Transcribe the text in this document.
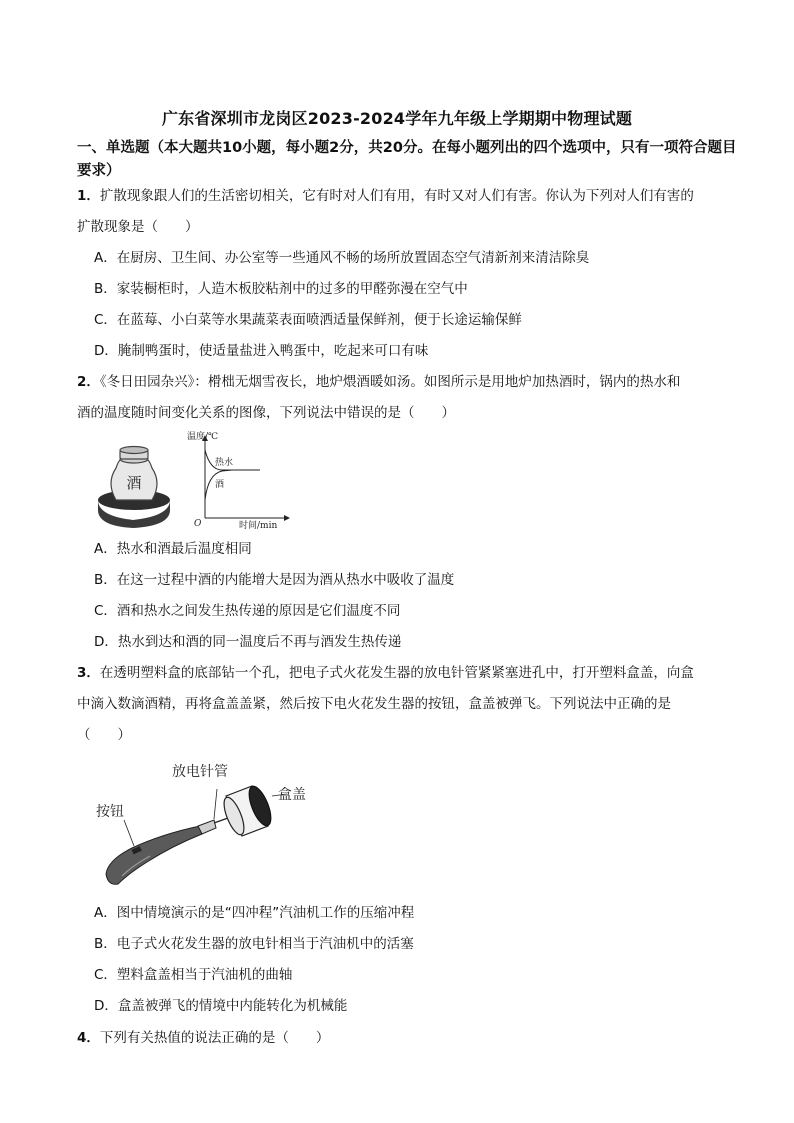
广东省深圳市龙岗区2023-2024学年九年级上学期期中物理试题
一、单选题（本大题共10小题，每小题2分，共20分。在每小题列出的四个选项中，只有一项符合题目要求）
1．扩散现象跟人们的生活密切相关，它有时对人们有用，有时又对人们有害。你认为下列对人们有害的
扩散现象是（　　）
A．在厨房、卫生间、办公室等一些通风不畅的场所放置固态空气清新剂来清洁除臭
B．家装橱柜时，人造木板胶粘剂中的过多的甲醛弥漫在空气中
C．在蓝莓、小白菜等水果蔬菜表面喷洒适量保鲜剂，便于长途运输保鲜
D．腌制鸭蛋时，使适量盐进入鸭蛋中，吃起来可口有味
2．《冬日田园杂兴》：榾柮无烟雪夜长，地炉煨酒暖如汤。如图所示是用地炉加热酒时，锅内的热水和
酒的温度随时间变化关系的图像，下列说法中错误的是（　　）
酒
温度/℃
时间/min
O
热水
酒
A．热水和酒最后温度相同
B．在这一过程中酒的内能增大是因为酒从热水中吸收了温度
C．酒和热水之间发生热传递的原因是它们温度不同
D．热水到达和酒的同一温度后不再与酒发生热传递
3．在透明塑料盒的底部钻一个孔，把电子式火花发生器的放电针管紧紧塞进孔中，打开塑料盒盖，向盒
中滴入数滴酒精，再将盒盖盖紧，然后按下电火花发生器的按钮，盒盖被弹飞。下列说法中正确的是
（　　）
放电针管
盒盖
按钮
A．图中情境演示的是“四冲程”汽油机工作的压缩冲程
B．电子式火花发生器的放电针相当于汽油机中的活塞
C．塑料盒盖相当于汽油机的曲轴
D．盒盖被弹飞的情境中内能转化为机械能
4．下列有关热值的说法正确的是（　　）
